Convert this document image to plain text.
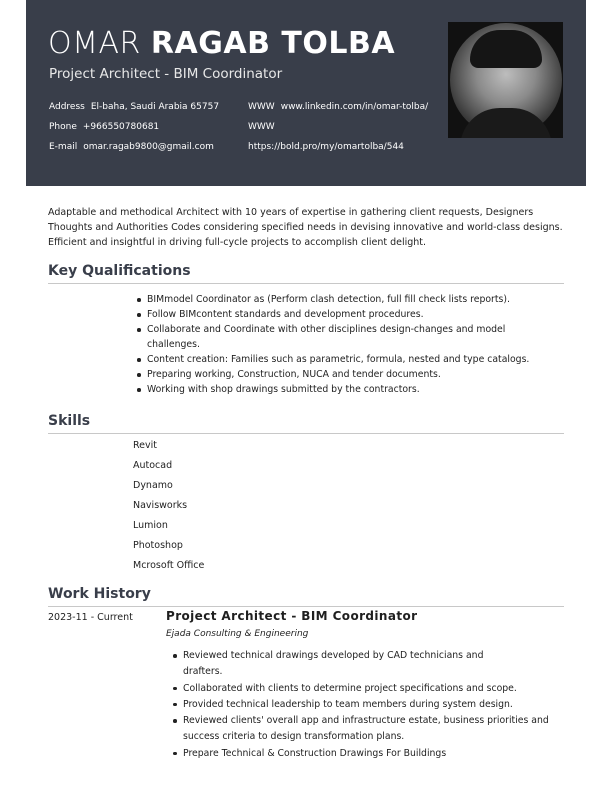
OMAR RAGAB TOLBA
Project Architect - BIM Coordinator
Address El-baha, Saudi Arabia 65757
Phone +966550780681
E-mail omar.ragab9800@gmail.com
WWW www.linkedin.com/in/omar-tolba/
WWW
https://bold.pro/my/omartolba/544
Adaptable and methodical Architect with 10 years of expertise in gathering client requests, Designers Thoughts and Authorities Codes considering specified needs in devising innovative and world-class designs. Efficient and insightful in driving full-cycle projects to accomplish client delight.
Key Qualifications
BIMmodel Coordinator as (Perform clash detection, full fill check lists reports).
Follow BIMcontent standards and development procedures.
Collaborate and Coordinate with other disciplines design-changes and model challenges.
Content creation: Families such as parametric, formula, nested and type catalogs.
Preparing working, Construction, NUCA and tender documents.
Working with shop drawings submitted by the contractors.
Skills
Revit
Autocad
Dynamo
Navisworks
Lumion
Photoshop
Mcrosoft Office
Work History
2023-11 - Current	Project Architect - BIM Coordinator
Ejada Consulting & Engineering
Reviewed technical drawings developed by CAD technicians and drafters.
Collaborated with clients to determine project specifications and scope.
Provided technical leadership to team members during system design.
Reviewed clients' overall app and infrastructure estate, business priorities and success criteria to design transformation plans.
Prepare Technical & Construction Drawings For Buildings
